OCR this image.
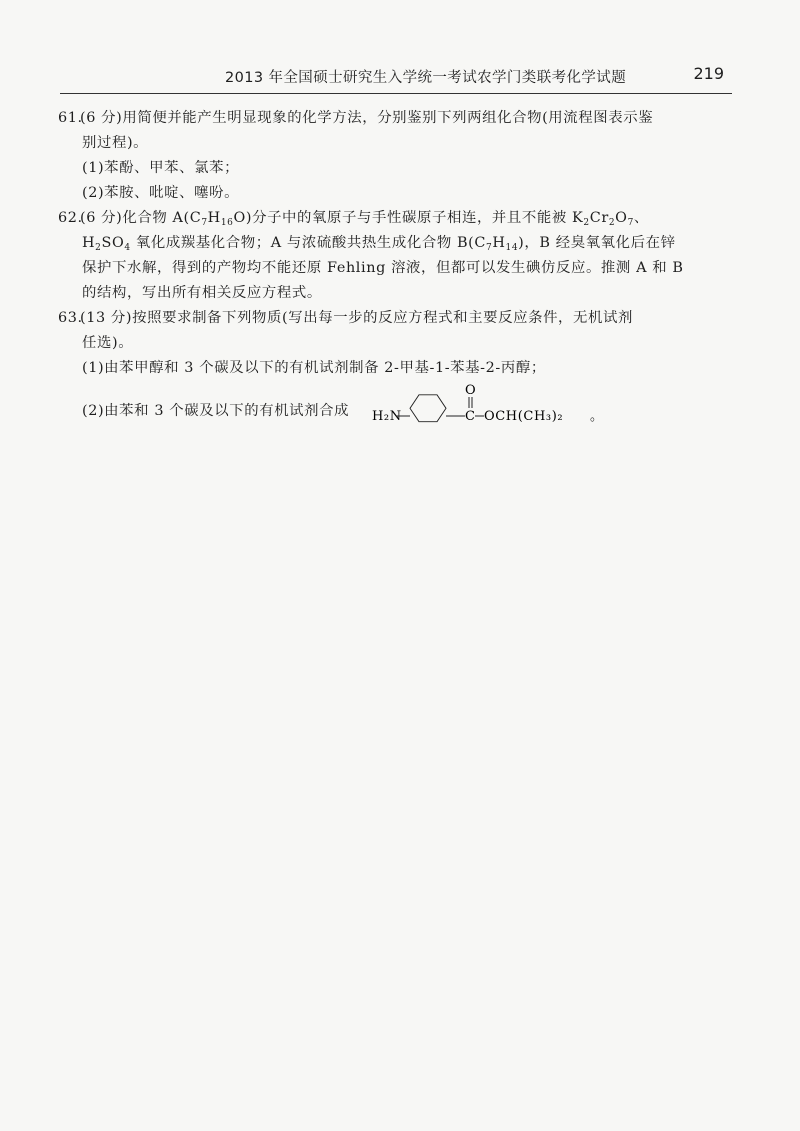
2013 年全国硕士研究生入学统一考试农学门类联考化学试题	219

61.(6 分)用简便并能产生明显现象的化学方法，分别鉴别下列两组化合物(用流程图表示鉴

别过程)。

(1)苯酚、甲苯、氯苯；

(2)苯胺、吡啶、噻吩。

62.(6 分)化合物 $A(C_7H_{16}O)$分子中的氧原子与手性碳原子相连，并且不能被 $K_2Cr_2O_7$、

$H_2SO_4$ 氧化成羰基化合物；A 与浓硫酸共热生成化合物 $B(C_7H_{14})$，B 经臭氧氧化后在锌

保护下水解，得到的产物均不能还原 Fehling 溶液，但都可以发生碘仿反应。推测 A 和 B

的结构，写出所有相关反应方程式。

63.(13 分)按照要求制备下列物质(写出每一步的反应方程式和主要反应条件，无机试剂

任选)。

(1)由苯甲醇和 3 个碳及以下的有机试剂制备 2-甲基-1-苯基-2-丙醇；

(2)由苯和 3 个碳及以下的有机试剂合成 H₂N	C
O
OCH(CH₃)₂ 。
